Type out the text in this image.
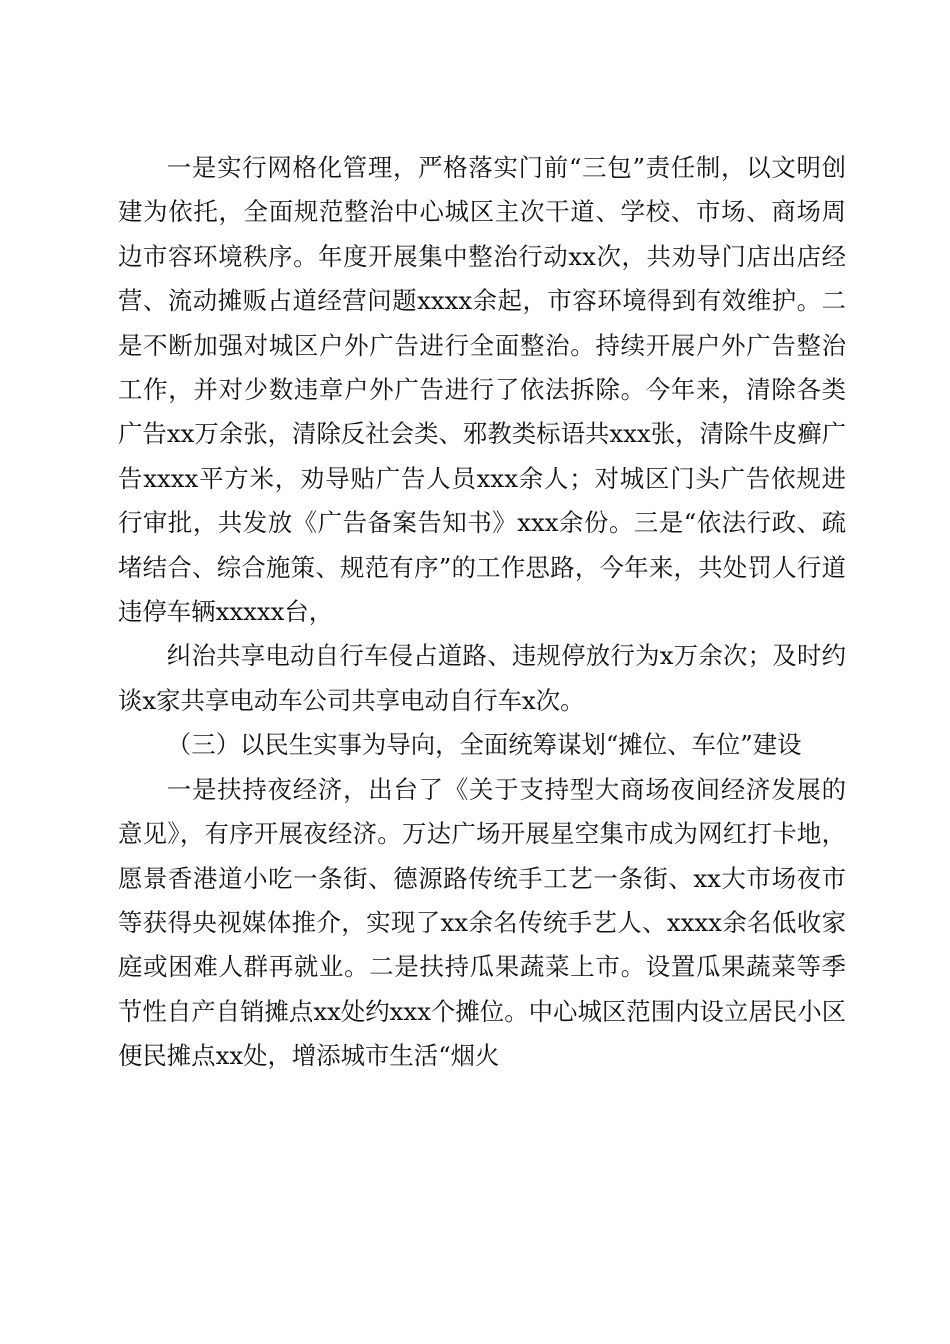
一是实行网格化管理，严格落实门前“三包”责任制，以文明创建为依托，全面规范整治中心城区主次干道、学校、市场、商场周边市容环境秩序。年度开展集中整治行动xx次，共劝导门店出店经营、流动摊贩占道经营问题xxxx余起，市容环境得到有效维护。二是不断加强对城区户外广告进行全面整治。持续开展户外广告整治工作，并对少数违章户外广告进行了依法拆除。今年来，清除各类广告xx万余张，清除反社会类、邪教类标语共xxx张，清除牛皮癣广告xxxx平方米，劝导贴广告人员xxx余人；对城区门头广告依规进行审批，共发放《广告备案告知书》xxx余份。三是“依法行政、疏堵结合、综合施策、规范有序”的工作思路，今年来，共处罚人行道违停车辆xxxxx台，

纠治共享电动自行车侵占道路、违规停放行为x万余次；及时约谈x家共享电动车公司共享电动自行车x次。

（三）以民生实事为导向，全面统筹谋划“摊位、车位”建设

一是扶持夜经济，出台了《关于支持型大商场夜间经济发展的意见》，有序开展夜经济。万达广场开展星空集市成为网红打卡地，愿景香港道小吃一条街、德源路传统手工艺一条街、xx大市场夜市等获得央视媒体推介，实现了xx余名传统手艺人、xxxx余名低收家庭或困难人群再就业。二是扶持瓜果蔬菜上市。设置瓜果蔬菜等季节性自产自销摊点xx处约xxx个摊位。中心城区范围内设立居民小区便民摊点xx处，增添城市生活“烟火
